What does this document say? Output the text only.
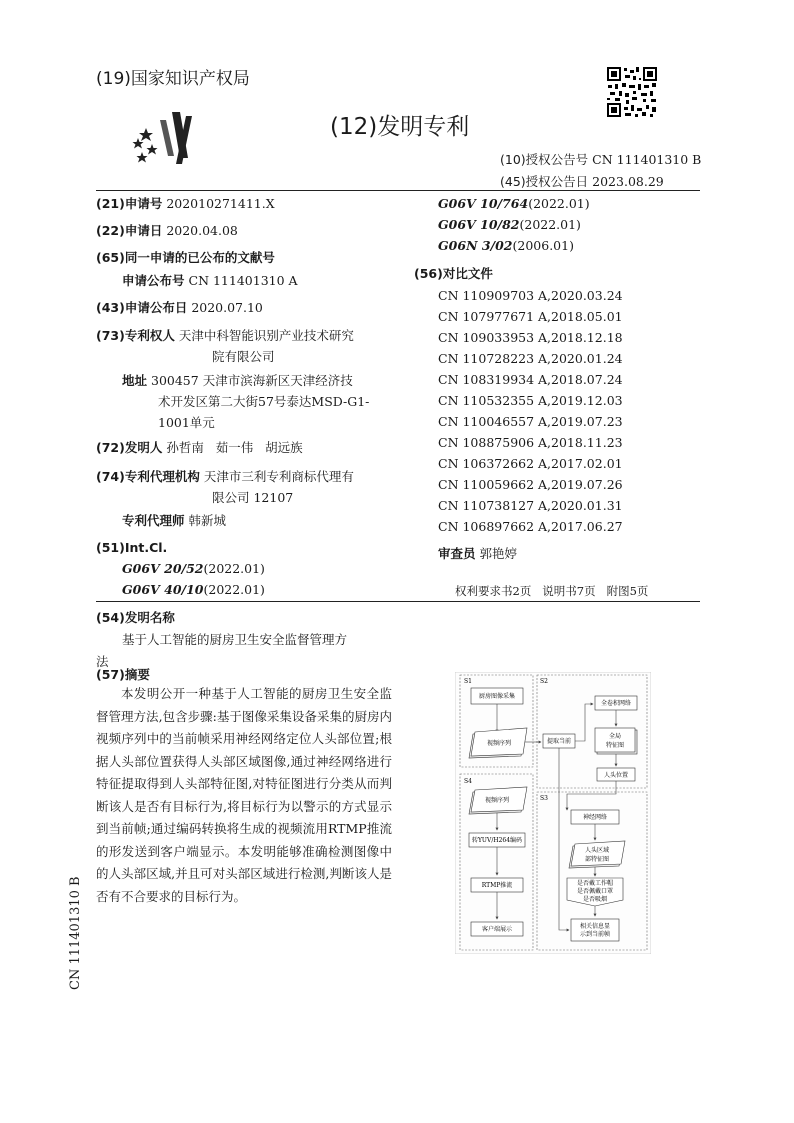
(19)国家知识产权局
(12)发明专利
(10)授权公告号 CN 111401310 B
(45)授权公告日 2023.08.29
(21)申请号 202010271411.X
(22)申请日 2020.04.08
(65)同一申请的已公布的文献号
申请公布号 CN 111401310 A
(43)申请公布日 2020.07.10
(73)专利权人 天津中科智能识别产业技术研究
院有限公司
地址 300457 天津市滨海新区天津经济技
术开发区第二大街57号泰达MSD-G1-
1001单元
(72)发明人 孙哲南   茹一伟   胡远族
(74)专利代理机构 天津市三利专利商标代理有
限公司 12107
专利代理师 韩新城
(51)Int.Cl.
G06V 20/52(2022.01)
G06V 40/10(2022.01)
G06V 10/764(2022.01)
G06V 10/82(2022.01)
G06N 3/02(2006.01)
(56)对比文件
CN 110909703 A,2020.03.24
CN 107977671 A,2018.05.01
CN 109033953 A,2018.12.18
CN 110728223 A,2020.01.24
CN 108319934 A,2018.07.24
CN 110532355 A,2019.12.03
CN 110046557 A,2019.07.23
CN 108875906 A,2018.11.23
CN 106372662 A,2017.02.01
CN 110059662 A,2019.07.26
CN 110738127 A,2020.01.31
CN 106897662 A,2017.06.27
审查员 郭艳婷
权利要求书2页   说明书7页   附图5页
(54)发明名称
基于人工智能的厨房卫生安全监督管理方
法
(57)摘要
本发明公开一种基于人工智能的厨房卫生安全监督管理方法,包含步骤:基于图像采集设备采集的厨房内视频序列中的当前帧采用神经网络定位人头部位置;根据人头部位置获得人头部区域图像,通过神经网络进行特征提取得到人头部特征图,对特征图进行分类从而判断该人是否有目标行为,将目标行为以警示的方式显示到当前帧;通过编码转换将生成的视频流用RTMP推流的形发送到客户端显示。本发明能够准确检测图像中的人头部区域,并且可对头部区域进行检测,判断该人是否有不合要求的目标行为。
CN 111401310 B
S1	S2
S4
S3
厨房图像采集
视频序列	提取当前
全卷积网络
全局
特征图
人头位置
视频序列
转YUV/H264编码
RTMP推流
客户端展示
神经网络
人头区域
部特征图
是否戴工作帽
是否佩戴口罩
是否吸烟
相关信息显
示到当前帧
